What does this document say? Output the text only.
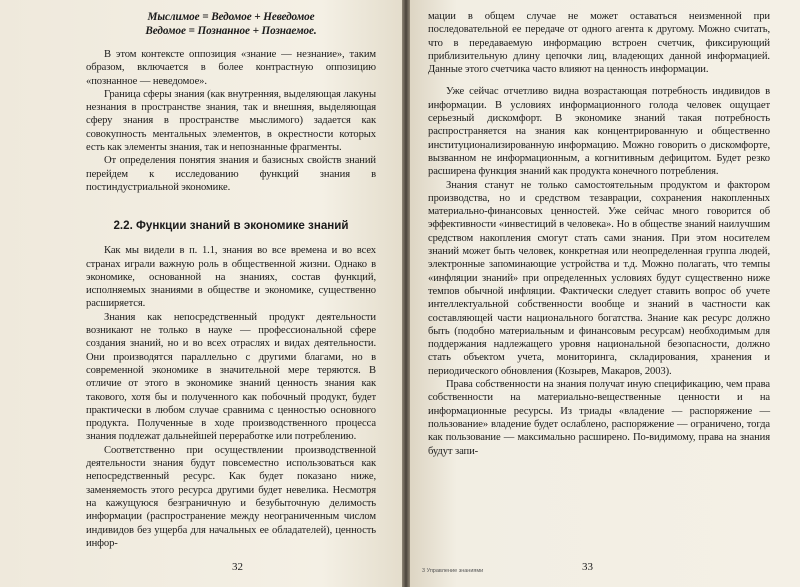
Мыслимое = Ведомое + Неведомое

Ведомое = Познанное + Познаемое.

В этом контексте оппозиция «знание — незнание», таким образом, включается в более контрастную оппозицию «познанное — неведомое».

Граница сферы знания (как внутренняя, выделяющая лакуны незнания в пространстве знания, так и внешняя, выделяющая сферу знания в пространстве мыслимого) задается как совокупность ментальных элементов, в окрестности которых есть как элементы знания, так и непознанные фрагменты.

От определения понятия знания и базисных свойств знаний перейдем к исследованию функций знания в постиндустриальной экономике.

2.2. Функции знаний в экономике знаний

Как мы видели в п. 1.1, знания во все времена и во всех странах играли важную роль в общественной жизни. Однако в экономике, основанной на знаниях, состав функций, исполняемых знаниями в обществе и экономике, существенно расширяется.

Знания как непосредственный продукт деятельности возникают не только в науке — профессиональной сфере создания знаний, но и во всех отраслях и видах деятельности. Они производятся параллельно с другими благами, но в современной экономике в значительной мере теряются. В отличие от этого в экономике знаний ценность знания как такового, хотя бы и полученного как побочный продукт, будет практически в любом случае сравнима с ценностью основного продукта. Полученные в ходе производственного процесса знания подлежат дальнейшей переработке или потреблению.

Соответственно при осуществлении производственной деятельности знания будут повсеместно использоваться как непосредственный ресурс. Как будет показано ниже, заменяемость этого ресурса другими будет невелика. Несмотря на кажущуюся безграничную и безубыточную делимость информации (распространение между неограниченным числом индивидов без ущерба для начальных ее обладателей), ценность инфор-

32

мации в общем случае не может оставаться неизменной при последовательной ее передаче от одного агента к другому. Можно считать, что в передаваемую информацию встроен счетчик, фиксирующий приблизительную длину цепочки лиц, владеющих данной информацией. Данные этого счетчика часто влияют на ценность информации.

Уже сейчас отчетливо видна возрастающая потребность индивидов в информации. В условиях информационного голода человек ощущает серьезный дискомфорт. В экономике знаний такая потребность распространяется на знания как концентрированную и общественно институционализированную информацию. Можно говорить о дискомфорте, вызванном не информационным, а когнитивным дефицитом. Будет резко расширена функция знаний как продукта конечного потребления.

Знания станут не только самостоятельным продуктом и фактором производства, но и средством тезаврации, сохранения накопленных материально-финансовых ценностей. Уже сейчас много говорится об эффективности «инвестиций в человека». Но в обществе знаний наилучшим средством накопления смогут стать сами знания. При этом носителем знаний может быть человек, конкретная или неопределенная группа людей, электронные запоминающие устройства и т.д. Можно полагать, что темпы «инфляции знаний» при определенных условиях будут существенно ниже темпов обычной инфляции. Фактически следует ставить вопрос об учете интеллектуальной собственности вообще и знаний в частности как составляющей части национального богатства. Знание как ресурс должно быть (подобно материальным и финансовым ресурсам) необходимым для поддержания надлежащего уровня национальной безопасности, должно стать объектом учета, мониторинга, складирования, хранения и периодического обновления (Козырев, Макаров, 2003).

Права собственности на знания получат иную спецификацию, чем права собственности на материально-вещественные ценности и на информационные ресурсы. Из триады «владение — распоряжение — пользование» владение будет ослаблено, распоряжение — ограничено, тогда как пользование — максимально расширено. По-видимому, права на знания будут запи-

3 Управление знаниями	33
